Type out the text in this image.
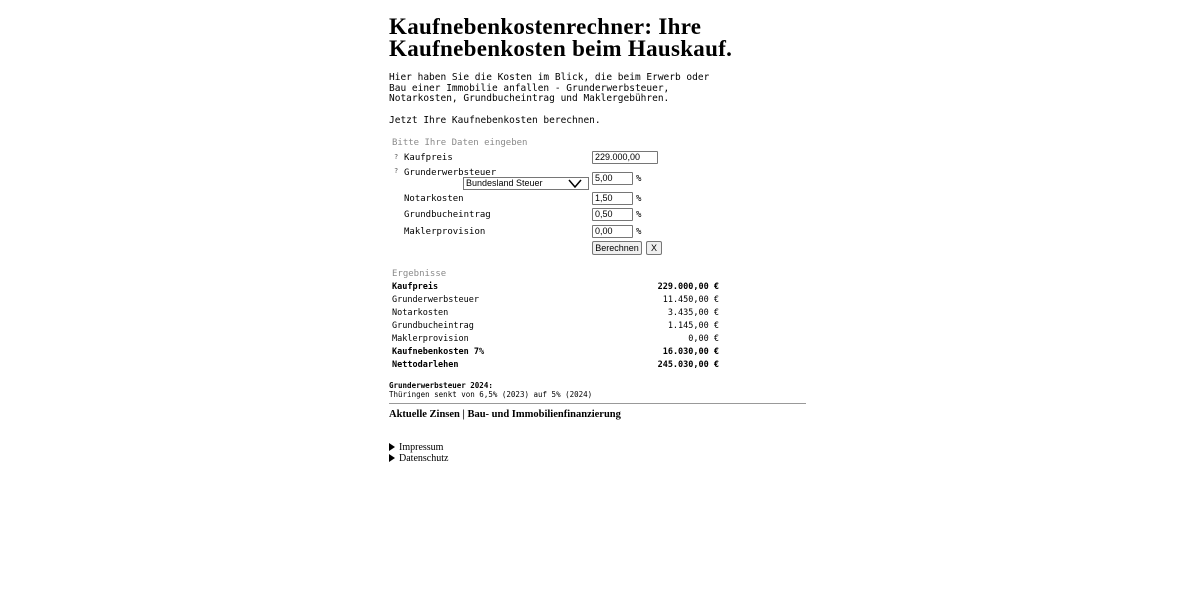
Kaufnebenkostenrechner: Ihre Kaufnebenkosten beim Hauskauf.
Hier haben Sie die Kosten im Blick, die beim Erwerb oder Bau einer Immobilie anfallen - Grunderwerbsteuer, Notarkosten, Grundbucheintrag und Maklergebühren.
Jetzt Ihre Kaufnebenkosten berechnen.
Bitte Ihre Daten eingeben
? Kaufpreis	229.000,00
? Grunderwerbsteuer
Bundesland Steuer	5,00	%
Notarkosten	1,50	%
Grundbucheintrag	0,50	%
Maklerprovision	0,00	%
Berechnen	X
Ergebnisse
Kaufpreis	229.000,00 €
Grunderwerbsteuer	11.450,00 €
Notarkosten	3.435,00 €
Grundbucheintrag	1.145,00 €
Maklerprovision	0,00 €
Kaufnebenkosten 7%	16.030,00 €
Nettodarlehen	245.030,00 €
Grunderwerbsteuer 2024:
Thüringen senkt von 6,5% (2023) auf 5% (2024)
Aktuelle Zinsen | Bau- und Immobilienfinanzierung
Impressum
Datenschutz
